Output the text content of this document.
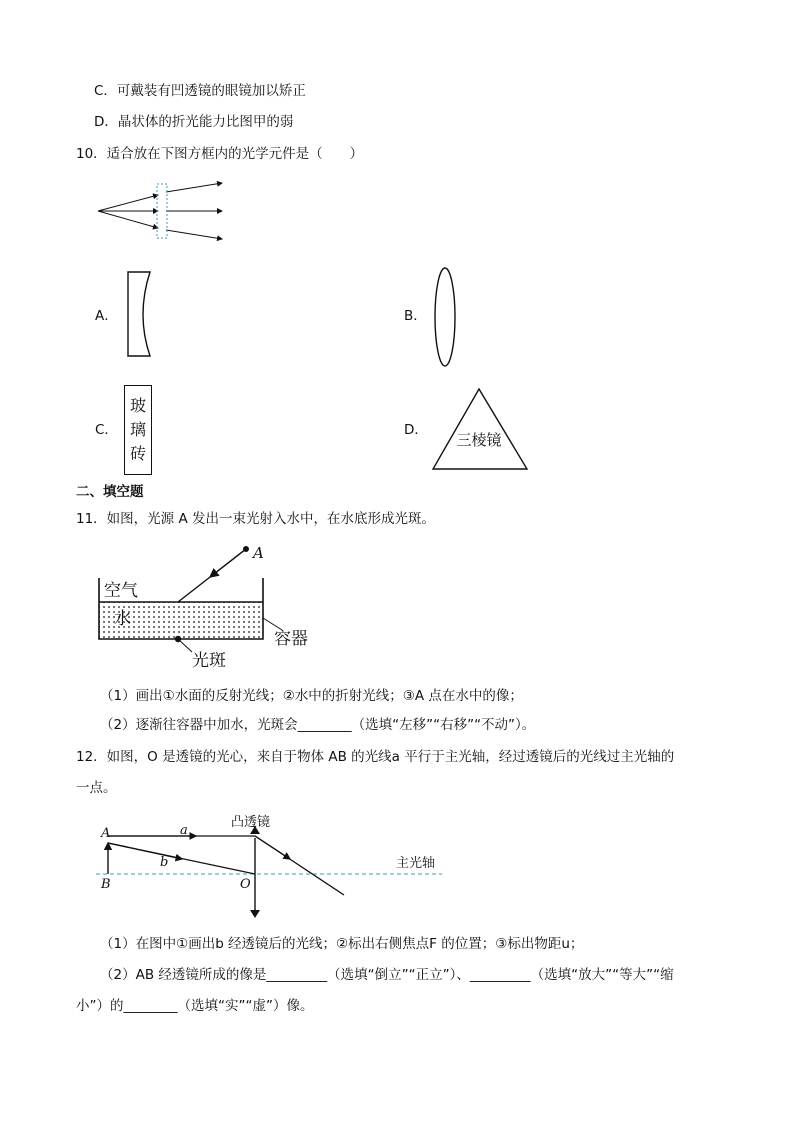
C．可戴装有凹透镜的眼镜加以矫正
D．晶状体的折光能力比图甲的弱
10．适合放在下图方框内的光学元件是（　　）
A．	B．
C．
玻
璃
砖
D．
三棱镜
二、填空题
11．如图，光源 A 发出一束光射入水中，在水底形成光斑。
A
空气
水
容器
光斑
（1）画出①水面的反射光线；②水中的折射光线；③A 点在水中的像；
（2）逐渐往容器中加水，光斑会________（选填“左移”“右移”“不动”）。
12．如图，O 是透镜的光心，来自于物体 AB 的光线a 平行于主光轴，经过透镜后的光线过主光轴的
一点。
A
B	O
a
b
凸透镜
主光轴
（1）在图中①画出b 经透镜后的光线；②标出右侧焦点F 的位置；③标出物距u；
（2）AB 经透镜所成的像是_________（选填“倒立”“正立”）、_________（选填“放大”“等大”“缩
小”）的________（选填“实”“虚”）像。
